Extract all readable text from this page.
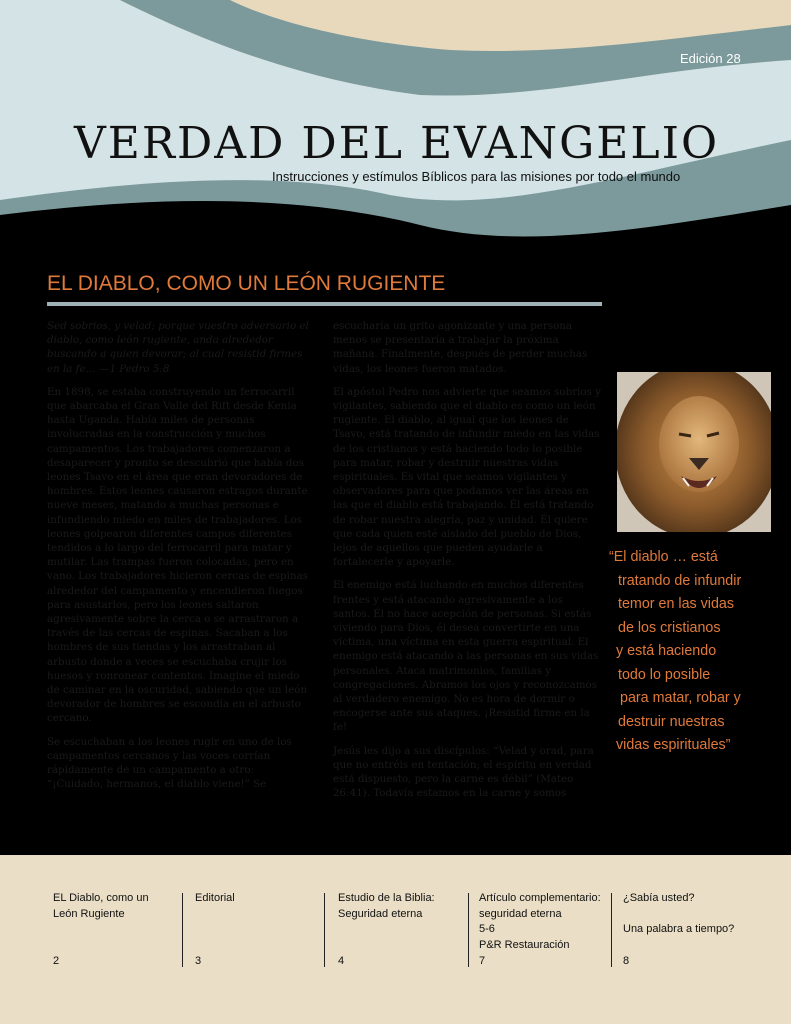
Edición 28
VERDAD DEL EVANGELIO
Instrucciones y estímulos Bíblicos para las misiones por todo el mundo
EL DIABLO, COMO UN LEÓN RUGIENTE

Sed sobrios, y velad; porque vuestro adversario el diablo, como león rugiente, anda alrededor buscando a quien devorar; al cual resistid firmes en la fe… —1 Pedro 5:8

En 1898, se estaba construyendo un ferrocarril que abarcaba el Gran Valle del Rift desde Kenia hasta Uganda. Había miles de personas involucradas en la construcción y muchos campamentos. Los trabajadores comenzaron a desaparecer y pronto se descubrió que había dos leones Tsavo en el área que eran devoradores de hombres. Estos leones causaron estragos durante nueve meses, matando a muchas personas e infundiendo miedo en miles de trabajadores. Los leones golpearon diferentes campos diferentes tendidos a lo largo del ferrocarril para matar y mutilar. Las trampas fueron colocadas, pero en vano. Los trabajadores hicieron cercas de espinas alrededor del campamento y encendieron fuegos para asustarlos, pero los leones saltaron agresivamente sobre la cerca o se arrastraron a través de las cercas de espinas. Sacaban a los hombres de sus tiendas y los arrastraban al arbusto donde a veces se escuchaba crujir los huesos y ronronear contentos. Imagine el miedo de caminar en la oscuridad, sabiendo que un león devorador de hombres se escondía en el arbusto cercano.

Se escuchaban a los leones rugir en uno de los campamentos cercanos y las voces corrían rápidamente de un campamento a otro: “¡Cuidado, hermanos, el diablo viene!” Se

escucharía un grito agonizante y una persona menos se presentaría a trabajar la próxima mañana. Finalmente, después de perder muchas vidas, los leones fueron matados.

El apóstol Pedro nos advierte que seamos sobrios y vigilantes, sabiendo que el diablo es como un león rugiente. El diablo, al igual que los leones de Tsavo, está tratando de infundir miedo en las vidas de los cristianos y está haciendo todo lo posible para matar, robar y destruir nuestras vidas espirituales. Es vital que seamos vigilantes y observadores para que podamos ver las áreas en las que el diablo está trabajando. Él está tratando de robar nuestra alegría, paz y unidad. Él quiere que cada quien esté aislado del pueblo de Dios, lejos de aquellos que pueden ayudarle a fortalecerle y apoyarle.

El enemigo está luchando en muchos diferentes frentes y está atacando agresivamente a los santos. Él no hace acepción de personas. Si estás viviendo para Dios, él desea convertirte en una víctima, una víctima en esta guerra espiritual. El enemigo está atacando a las personas en sus vidas personales. Ataca matrimonios, familias y congregaciones. Abramos los ojos y reconozcamos al verdadero enemigo. No es hora de dormir o encogerse ante sus ataques. ¡Resistid firme en la fe!

Jesús les dijo a sus discípulos: “Velad y orad, para que no entréis en tentación; el espíritu en verdad está dispuesto, pero la carne es débil” (Mateo 26:41). Todavía estamos en la carne y somos

“El diablo … está
tratando de infundir
temor en las vidas
de los cristianos
y está haciendo
todo lo posible
para matar, robar y
destruir nuestras
vidas espirituales”
EL Diablo, como un
León Rugiente
2
Editorial
3
Estudio de la Biblia:
Seguridad eterna
4
Artículo complementario:
seguridad eterna
5-6
P&R Restauración
7
¿Sabía usted?

Una palabra a tiempo?
8
